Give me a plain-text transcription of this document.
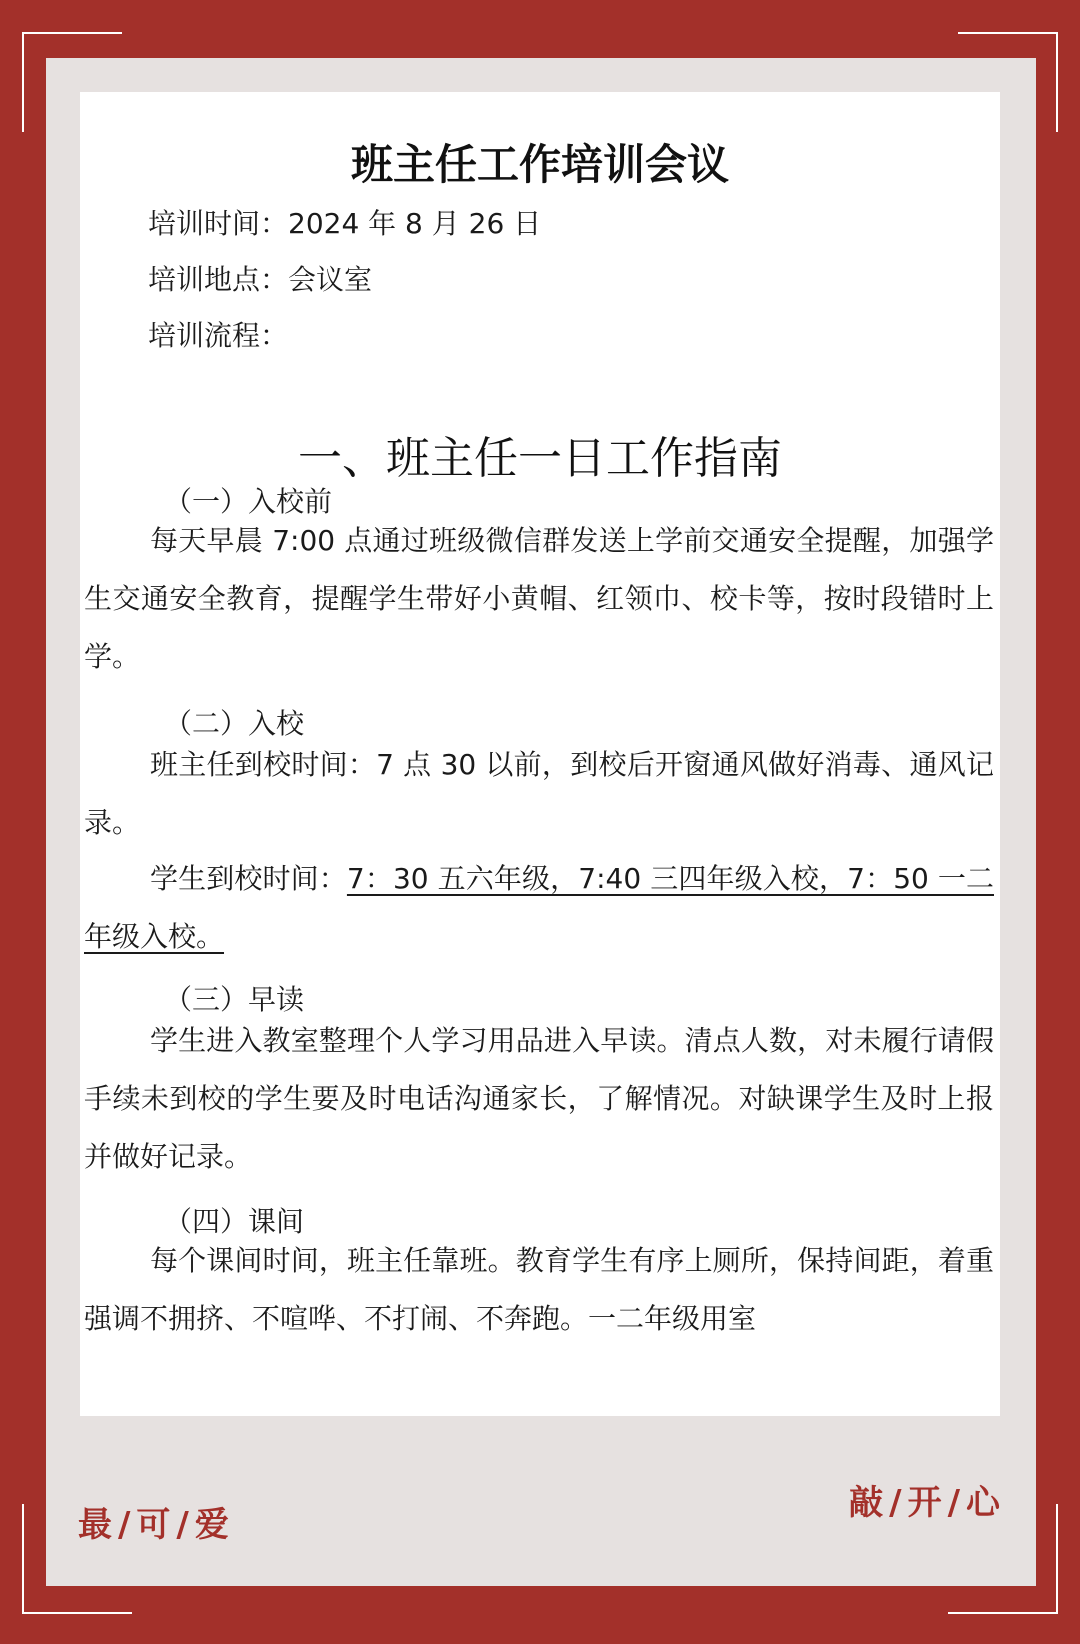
班主任工作培训会议
培训时间：2024 年 8 月 26 日
培训地点：会议室
培训流程：
一、班主任一日工作指南
（一）入校前
每天早晨 7:00 点通过班级微信群发送上学前交通安全提醒，加强学生交通安全教育，提醒学生带好小黄帽、红领巾、校卡等，按时段错时上学。
（二）入校
班主任到校时间：7 点 30 以前，到校后开窗通风做好消毒、通风记录。
学生到校时间：7：30 五六年级，7:40 三四年级入校，7：50 一二年级入校。
（三）早读
学生进入教室整理个人学习用品进入早读。清点人数，对未履行请假手续未到校的学生要及时电话沟通家长，了解情况。对缺课学生及时上报并做好记录。
（四）课间
每个课间时间，班主任靠班。教育学生有序上厕所，保持间距，着重强调不拥挤、不喧哗、不打闹、不奔跑。一二年级用室
最/可/爱
敲/开/心
